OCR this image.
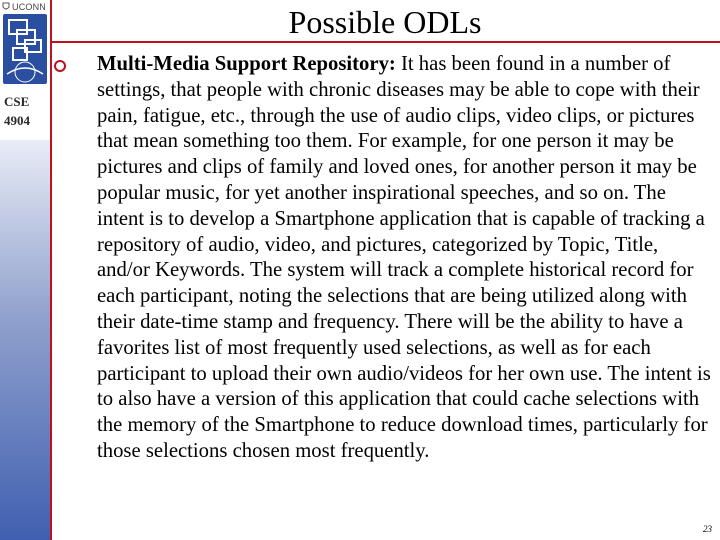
UCONN
CSE
4904
Possible ODLs
Multi-Media Support Repository: It has been found in a number of settings, that people with chronic diseases may be able to cope with their pain, fatigue, etc., through the use of audio clips, video clips, or pictures that mean something too them. For example, for one person it may be pictures and clips of family and loved ones, for another person it may be popular music, for yet another inspirational speeches, and so on. The intent is to develop a Smartphone application that is capable of tracking a repository of audio, video, and pictures, categorized by Topic, Title, and/or Keywords. The system will track a complete historical record for each participant, noting the selections that are being utilized along with their date-time stamp and frequency. There will be the ability to have a favorites list of most frequently used selections, as well as for each participant to upload their own audio/videos for her own use. The intent is to also have a version of this application that could cache selections with the memory of the Smartphone to reduce download times, particularly for those selections chosen most frequently.
23
